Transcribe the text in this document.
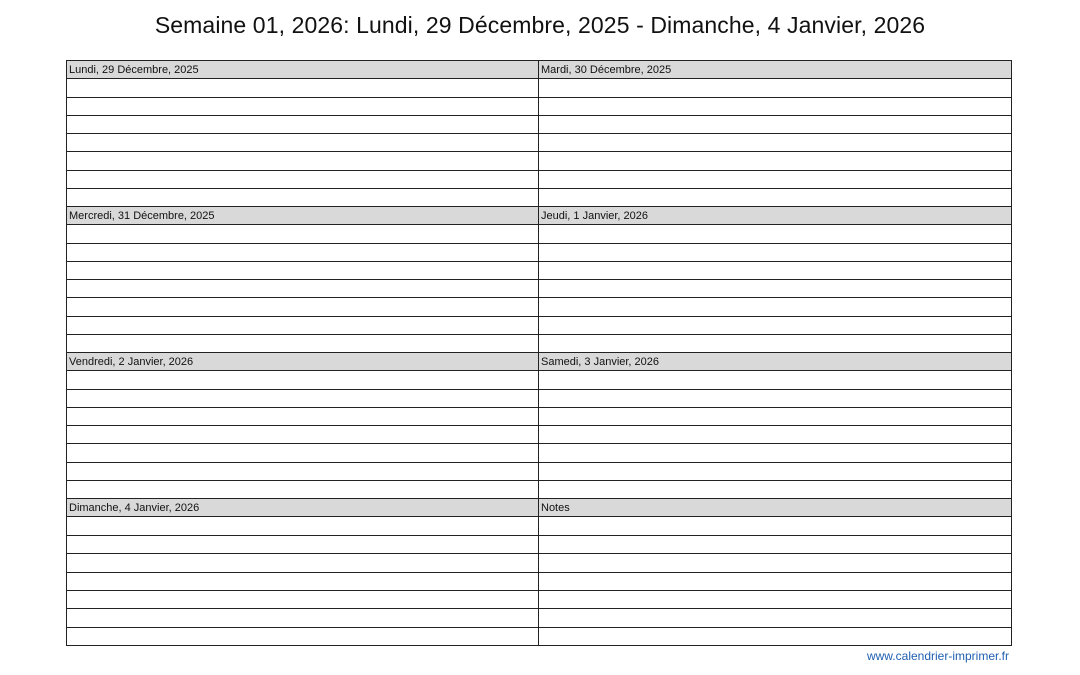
Semaine 01, 2026: Lundi, 29 Décembre, 2025 - Dimanche, 4 Janvier, 2026
Lundi, 29 Décembre, 2025	Mardi, 30 Décembre, 2025
Mercredi, 31 Décembre, 2025	Jeudi, 1 Janvier, 2026
Vendredi, 2 Janvier, 2026	Samedi, 3 Janvier, 2026
Dimanche, 4 Janvier, 2026	Notes
www.calendrier-imprimer.fr
